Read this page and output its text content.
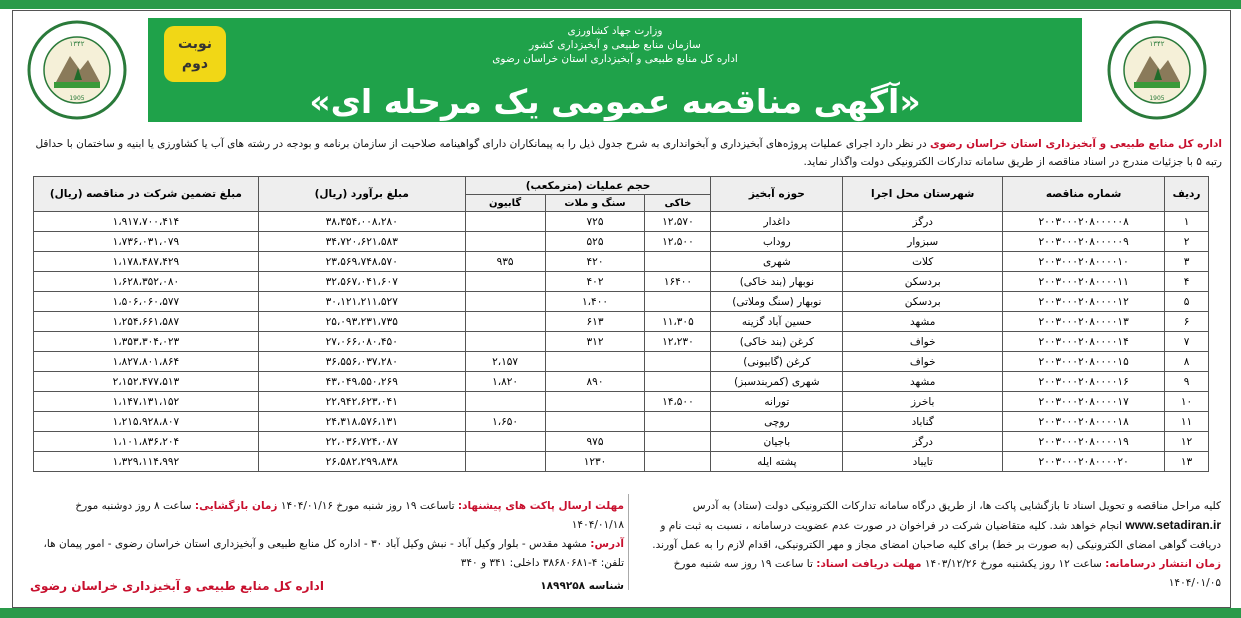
۱۳۴۲
1905
۱۳۴۲
1905
وزارت جهاد کشاورزی
سازمان منابع طبیعی و آبخیزداری کشور
اداره کل منابع طبیعی و آبخیزداری استان خراسان رضوی
«آگهی مناقصه عمومی یک مرحله ای»
نوبت
دوم
اداره کل منابع طبیعی و آبخیزداری استان خراسان رضوی در نظر دارد اجرای عملیات پروژه‌های آبخیزداری و آبخوانداری به شرح جدول ذیل را به پیمانکاران دارای گواهینامه صلاحیت از سازمان برنامه و بودجه در رشته های آب یا کشاورزی یا ابنیه و ساختمان با حداقل رتبه ۵ با جزئیات مندرج در اسناد مناقصه از طریق سامانه تدارکات الکترونیکی دولت واگذار نماید.
ردیف	شماره مناقصه	شهرستان محل اجرا	حوزه آبخیز	حجم عملیات (مترمکعب)			مبلغ برآورد (ریال)	مبلغ تضمین شرکت در مناقصه (ریال)
				خاکی	سنگ و ملات	گابیون		
۱	۲۰۰۳۰۰۰۲۰۸۰۰۰۰۰۸	درگز	داغدار	۱۲،۵۷۰	۷۲۵		۳۸،۳۵۴،۰۰۸،۲۸۰	۱،۹۱۷،۷۰۰،۴۱۴
۲	۲۰۰۳۰۰۰۲۰۸۰۰۰۰۰۹	سبزوار	روداب	۱۲،۵۰۰	۵۲۵		۳۴،۷۲۰،۶۲۱،۵۸۳	۱،۷۳۶،۰۳۱،۰۷۹
۳	۲۰۰۳۰۰۰۲۰۸۰۰۰۰۱۰	کلات	شهری		۴۲۰	۹۳۵	۲۳،۵۶۹،۷۴۸،۵۷۰	۱،۱۷۸،۴۸۷،۴۲۹
۴	۲۰۰۳۰۰۰۲۰۸۰۰۰۰۱۱	بردسکن	نوبهار (بند خاکی)	۱۶۴۰۰	۴۰۲		۳۲،۵۶۷،۰۴۱،۶۰۷	۱،۶۲۸،۳۵۲،۰۸۰
۵	۲۰۰۳۰۰۰۲۰۸۰۰۰۰۱۲	بردسکن	نوبهار (سنگ وملاتی)		۱،۴۰۰		۳۰،۱۲۱،۲۱۱،۵۲۷	۱،۵۰۶،۰۶۰،۵۷۷
۶	۲۰۰۳۰۰۰۲۰۸۰۰۰۰۱۳	مشهد	حسین آباد گزینه	۱۱،۳۰۵	۶۱۳		۲۵،۰۹۳،۲۳۱،۷۳۵	۱،۲۵۴،۶۶۱،۵۸۷
۷	۲۰۰۳۰۰۰۲۰۸۰۰۰۰۱۴	خواف	کرغن (بند خاکی)	۱۲،۲۳۰	۳۱۲		۲۷،۰۶۶،۰۸۰،۴۵۰	۱،۳۵۳،۳۰۴،۰۲۳
۸	۲۰۰۳۰۰۰۲۰۸۰۰۰۰۱۵	خواف	کرغن (گابیونی)			۲،۱۵۷	۳۶،۵۵۶،۰۳۷،۲۸۰	۱،۸۲۷،۸۰۱،۸۶۴
۹	۲۰۰۳۰۰۰۲۰۸۰۰۰۰۱۶	مشهد	شهری (کمربندسبز)		۸۹۰	۱،۸۲۰	۴۳،۰۴۹،۵۵۰،۲۶۹	۲،۱۵۲،۴۷۷،۵۱۳
۱۰	۲۰۰۳۰۰۰۲۰۸۰۰۰۰۱۷	باخرز	تورانه	۱۴،۵۰۰			۲۲،۹۴۲،۶۲۳،۰۴۱	۱،۱۴۷،۱۳۱،۱۵۲
۱۱	۲۰۰۳۰۰۰۲۰۸۰۰۰۰۱۸	گناباد	روچی			۱،۶۵۰	۲۴،۳۱۸،۵۷۶،۱۳۱	۱،۲۱۵،۹۲۸،۸۰۷
۱۲	۲۰۰۳۰۰۰۲۰۸۰۰۰۰۱۹	درگز	باجیان		۹۷۵		۲۲،۰۳۶،۷۲۴،۰۸۷	۱،۱۰۱،۸۳۶،۲۰۴
۱۳	۲۰۰۳۰۰۰۲۰۸۰۰۰۰۲۰	تایباد	پشته ایله		۱۲۳۰		۲۶،۵۸۲،۲۹۹،۸۳۸	۱،۳۲۹،۱۱۴،۹۹۲
کلیه مراحل مناقصه و تحویل اسناد تا بازگشایی پاکت ها، از طریق درگاه سامانه تدارکات الکترونیکی دولت (ستاد) به آدرس www.setadiran.ir انجام خواهد شد. کلیه متقاضیان شرکت در فراخوان در صورت عدم عضویت درسامانه ، نسبت به ثبت نام و دریافت گواهی امضای الکترونیکی (به صورت بر خط) برای کلیه صاحبان امضای مجاز و مهر الکترونیکی، اقدام لازم را به عمل آورند.
زمان انتشار درسامانه: ساعت ۱۲ روز یکشنبه مورخ ۱۴۰۳/۱۲/۲۶ مهلت دریافت اسناد: تا ساعت ۱۹ روز سه شنبه مورخ ۱۴۰۴/۰۱/۰۵
مهلت ارسال پاکت های پیشنهاد: تاساعت ۱۹ روز شنبه مورخ ۱۴۰۴/۰۱/۱۶ زمان بازگشایی: ساعت ۸ روز دوشنبه مورخ ۱۴۰۴/۰۱/۱۸
آدرس: مشهد مقدس - بلوار وکیل آباد - نبش وکیل آباد ۳۰ - اداره کل منابع طبیعی و آبخیزداری استان خراسان رضوی - امور پیمان ها، تلفن: ۴-۳۸۶۸۰۶۸۱ داخلی: ۳۴۱ و ۳۴۰

شناسه ۱۸۹۹۲۵۸
اداره کل منابع طبیعی و آبخیزداری خراسان رضوی
